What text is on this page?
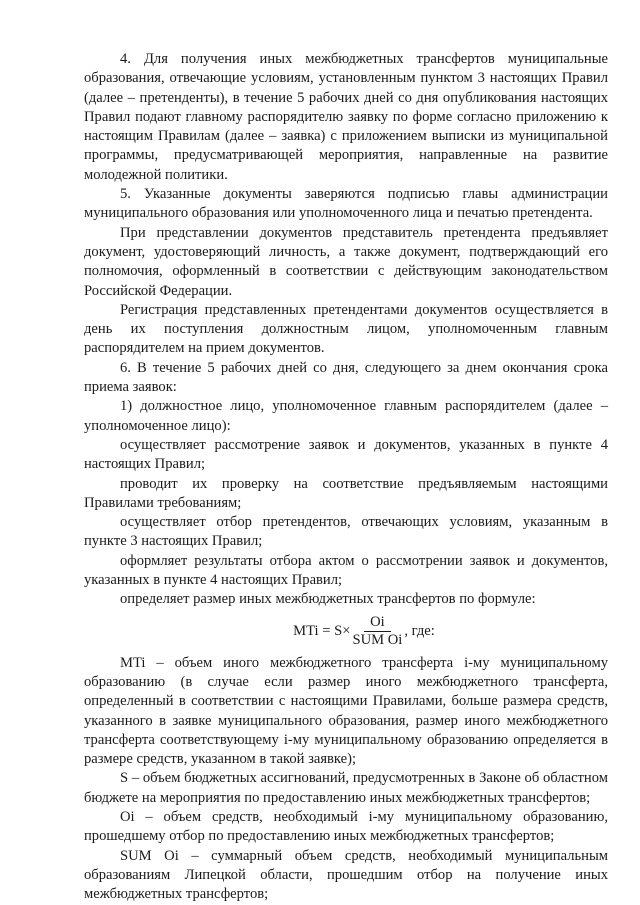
4. Для получения иных межбюджетных трансфертов муниципальные образования, отвечающие условиям, установленным пунктом 3 настоящих Правил (далее – претенденты), в течение 5 рабочих дней со дня опубликования настоящих Правил подают главному распорядителю заявку по форме согласно приложению к настоящим Правилам (далее – заявка) с приложением выписки из муниципальной программы, предусматривающей мероприятия, направленные на развитие молодежной политики.

5. Указанные документы заверяются подписью главы администрации муниципального образования или уполномоченного лица и печатью претендента.

При представлении документов представитель претендента предъявляет документ, удостоверяющий личность, а также документ, подтверждающий его полномочия, оформленный в соответствии с действующим законодательством Российской Федерации.

Регистрация представленных претендентами документов осуществляется в день их поступления должностным лицом, уполномоченным главным распорядителем на прием документов.

6. В течение 5 рабочих дней со дня, следующего за днем окончания срока приема заявок:

1) должностное лицо, уполномоченное главным распорядителем (далее – уполномоченное лицо):

осуществляет рассмотрение заявок и документов, указанных в пункте 4 настоящих Правил;

проводит их проверку на соответствие предъявляемым настоящими Правилами требованиям;

осуществляет отбор претендентов, отвечающих условиям, указанным в пункте 3 настоящих Правил;

оформляет результаты отбора актом о рассмотрении заявок и документов, указанных в пункте 4 настоящих Правил;

определяет размер иных межбюджетных трансфертов по формуле:

MTi = $S\times \frac{Oi}{\text{SUM Oi}}$ , где:

MTi – объем иного межбюджетного трансферта i-му муниципальному образованию (в случае если размер иного межбюджетного трансферта, определенный в соответствии с настоящими Правилами, больше размера средств, указанного в заявке муниципального образования, размер иного межбюджетного трансферта соответствующему i-му муниципальному образованию определяется в размере средств, указанном в такой заявке);

S – объем бюджетных ассигнований, предусмотренных в Законе об областном бюджете на мероприятия по предоставлению иных межбюджетных трансфертов;

Oi – объем средств, необходимый i-му муниципальному образованию, прошедшему отбор по предоставлению иных межбюджетных трансфертов;

SUM Oi – суммарный объем средств, необходимый муниципальным образованиям Липецкой области, прошедшим отбор на получение иных межбюджетных трансфертов;
